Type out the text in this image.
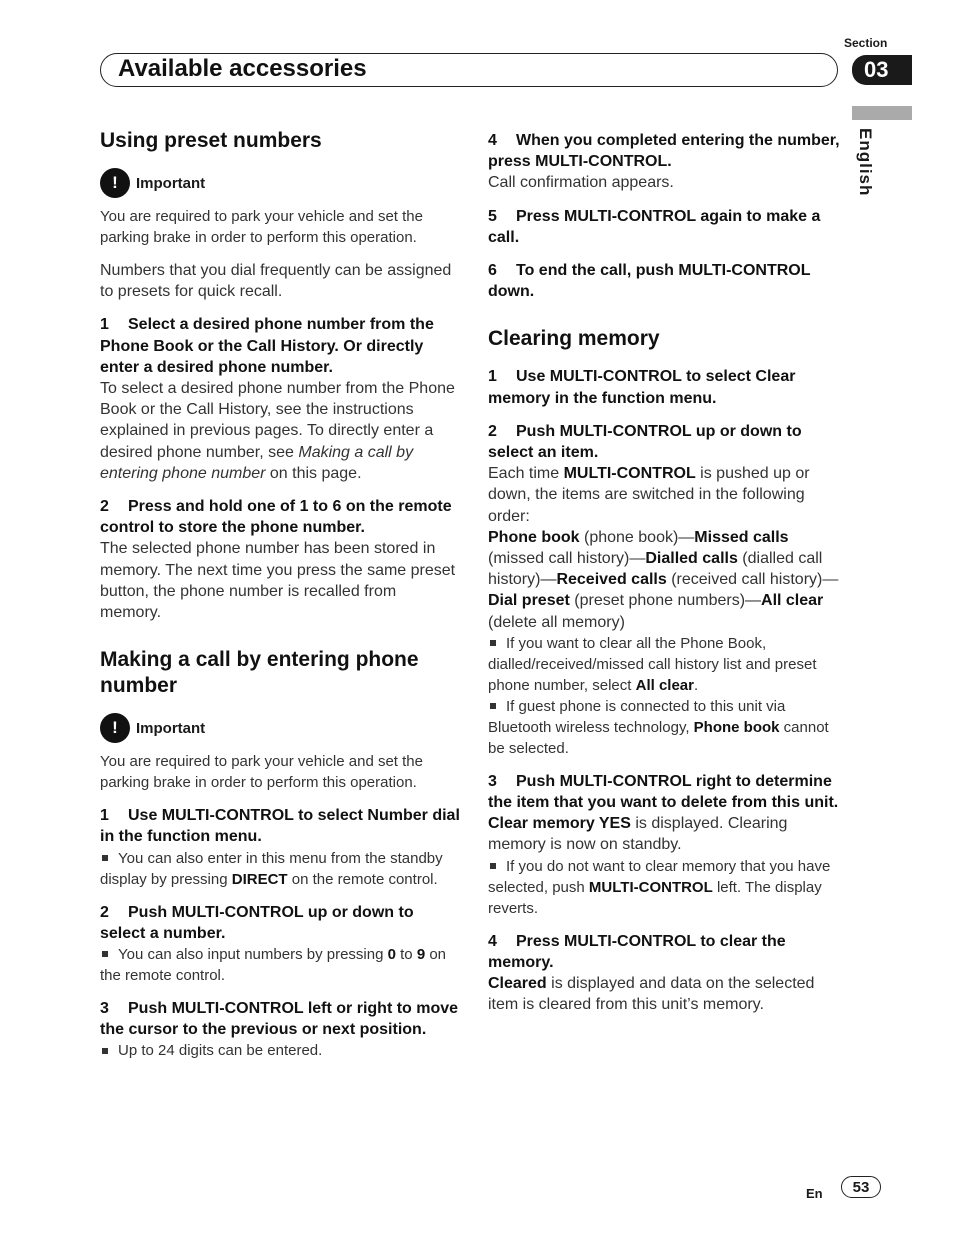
Available accessories
Section
03
English
Using preset numbers
!	Important

You are required to park your vehicle and set the parking brake in order to perform this operation.

Numbers that you dial frequently can be assigned to presets for quick recall.

1 Select a desired phone number from the Phone Book or the Call History. Or directly enter a desired phone number.

To select a desired phone number from the Phone Book or the Call History, see the instructions explained in previous pages. To directly enter a desired phone number, see Making a call by entering phone number on this page.

2 Press and hold one of 1 to 6 on the remote control to store the phone number.

The selected phone number has been stored in memory. The next time you press the same preset button, the phone number is recalled from memory.

Making a call by entering phone number
!	Important

You are required to park your vehicle and set the parking brake in order to perform this operation.

1 Use MULTI-CONTROL to select Number dial in the function menu.

You can also enter in this menu from the standby display by pressing DIRECT on the remote control.

2 Push MULTI-CONTROL up or down to select a number.

You can also input numbers by pressing 0 to 9 on the remote control.

3 Push MULTI-CONTROL left or right to move the cursor to the previous or next position.

Up to 24 digits can be entered.

4 When you completed entering the number, press MULTI-CONTROL.

Call confirmation appears.

5 Press MULTI-CONTROL again to make a call.

6 To end the call, push MULTI-CONTROL down.

Clearing memory

1 Use MULTI-CONTROL to select Clear memory in the function menu.

2 Push MULTI-CONTROL up or down to select an item.

Each time MULTI-CONTROL is pushed up or down, the items are switched in the following order:

Phone book (phone book)—Missed calls (missed call history)—Dialled calls (dialled call history)—Received calls (received call history)—Dial preset (preset phone numbers)—All clear (delete all memory)

If you want to clear all the Phone Book, dialled/received/missed call history list and preset phone number, select All clear.

If guest phone is connected to this unit via Bluetooth wireless technology, Phone book cannot be selected.

3 Push MULTI-CONTROL right to determine the item that you want to delete from this unit.

Clear memory YES is displayed. Clearing memory is now on standby.

If you do not want to clear memory that you have selected, push MULTI-CONTROL left. The display reverts.

4 Press MULTI-CONTROL to clear the memory.

Cleared is displayed and data on the selected item is cleared from this unit’s memory.

En	53
